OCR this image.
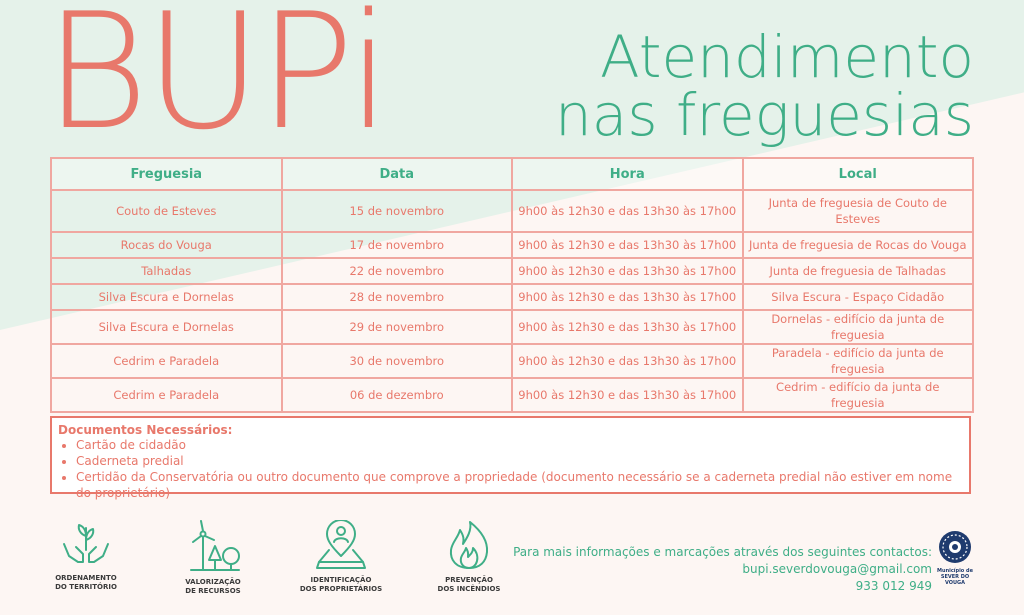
BUPi	Atendimento
nas freguesias
Freguesia	Data	Hora	Local
Couto de Esteves	15 de novembro	9h00 às 12h30 e das 13h30 às 17h00	Junta de freguesia de Couto de Esteves
Rocas do Vouga	17 de novembro	9h00 às 12h30 e das 13h30 às 17h00	Junta de freguesia de Rocas do Vouga
Talhadas	22 de novembro	9h00 às 12h30 e das 13h30 às 17h00	Junta de freguesia de Talhadas
Silva Escura e Dornelas	28 de novembro	9h00 às 12h30 e das 13h30 às 17h00	Silva Escura - Espaço Cidadão
Silva Escura e Dornelas	29 de novembro	9h00 às 12h30 e das 13h30 às 17h00	Dornelas - edifício da junta de freguesia
Cedrim e Paradela	30 de novembro	9h00 às 12h30 e das 13h30 às 17h00	Paradela - edifício da junta de freguesia
Cedrim e Paradela	06 de dezembro	9h00 às 12h30 e das 13h30 às 17h00	Cedrim - edifício da junta de freguesia
Documentos Necessários:
• Cartão de cidadão
• Caderneta predial
• Certidão da Conservatória ou outro documento que comprove a propriedade (documento necessário se a caderneta predial não estiver em nome do proprietário)
ORDENAMENTO
DO TERRITÓRIO
VALORIZAÇÃO
DE RECURSOS
IDENTIFICAÇÃO
DOS PROPRIETÁRIOS
PREVENÇÃO
DOS INCÊNDIOS
Para mais informações e marcações através dos seguintes contactos:
bupi.severdovouga@gmail.com
933 012 949
Município de
SEVER DO
VOUGA
